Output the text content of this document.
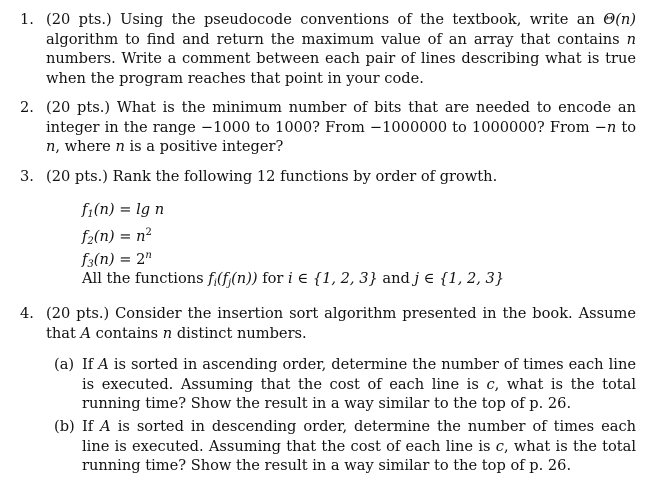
1. (20 pts.) Using the pseudocode conventions of the textbook, write an Θ(n) algorithm to find and return the maximum value of an array that contains n numbers. Write a comment between each pair of lines describing what is true when the program reaches that point in your code.
2. (20 pts.) What is the minimum number of bits that are needed to encode an integer in the range −1000 to 1000? From −1000000 to 1000000? From −n to n, where n is a positive integer?
3. (20 pts.) Rank the following 12 functions by order of growth.
$f_1(n) = \lg n$
$f_2(n) = n^2$
$f_3(n) = 2^n$
All the functions $f_i(f_j(n))$ for i ∈ {1, 2, 3} and j ∈ {1, 2, 3}
4. (20 pts.) Consider the insertion sort algorithm presented in the book. Assume that A contains n distinct numbers.
(a) If A is sorted in ascending order, determine the number of times each line is executed. Assuming that the cost of each line is c, what is the total running time? Show the result in a way similar to the top of p. 26.
(b) If A is sorted in descending order, determine the number of times each line is executed. Assuming that the cost of each line is c, what is the total running time? Show the result in a way similar to the top of p. 26.
